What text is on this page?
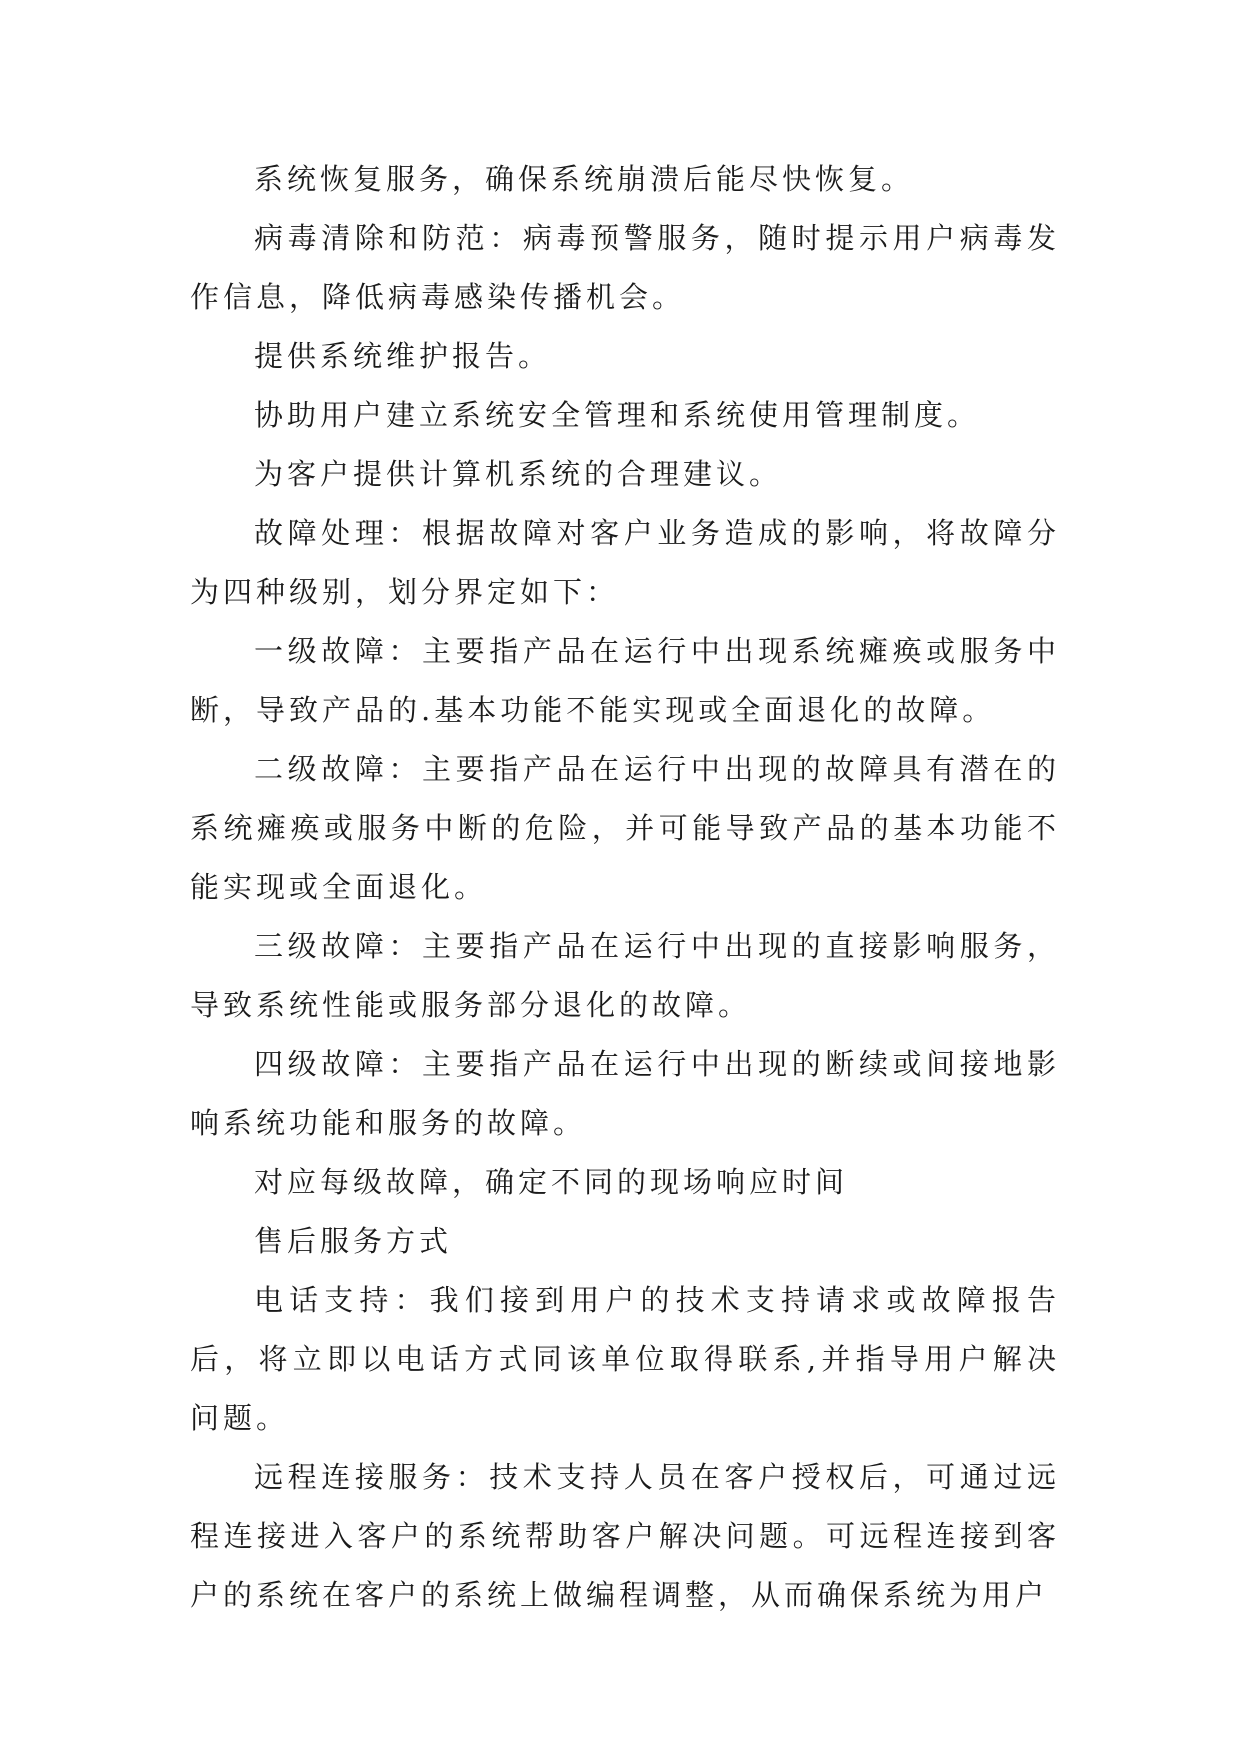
系统恢复服务，确保系统崩溃后能尽快恢复。

病毒清除和防范：病毒预警服务，随时提示用户病毒发作信息，降低病毒感染传播机会。

提供系统维护报告。

协助用户建立系统安全管理和系统使用管理制度。

为客户提供计算机系统的合理建议。

故障处理：根据故障对客户业务造成的影响，将故障分为四种级别，划分界定如下：

一级故障：主要指产品在运行中出现系统瘫痪或服务中断，导致产品的.基本功能不能实现或全面退化的故障。

二级故障：主要指产品在运行中出现的故障具有潜在的系统瘫痪或服务中断的危险，并可能导致产品的基本功能不能实现或全面退化。

三级故障：主要指产品在运行中出现的直接影响服务，导致系统性能或服务部分退化的故障。

四级故障：主要指产品在运行中出现的断续或间接地影响系统功能和服务的故障。

对应每级故障，确定不同的现场响应时间

售后服务方式

电话支持：我们接到用户的技术支持请求或故障报告后，将立即以电话方式同该单位取得联系,并指导用户解决问题。

远程连接服务：技术支持人员在客户授权后，可通过远程连接进入客户的系统帮助客户解决问题。可远程连接到客户的系统在客户的系统上做编程调整，从而确保系统为用户
